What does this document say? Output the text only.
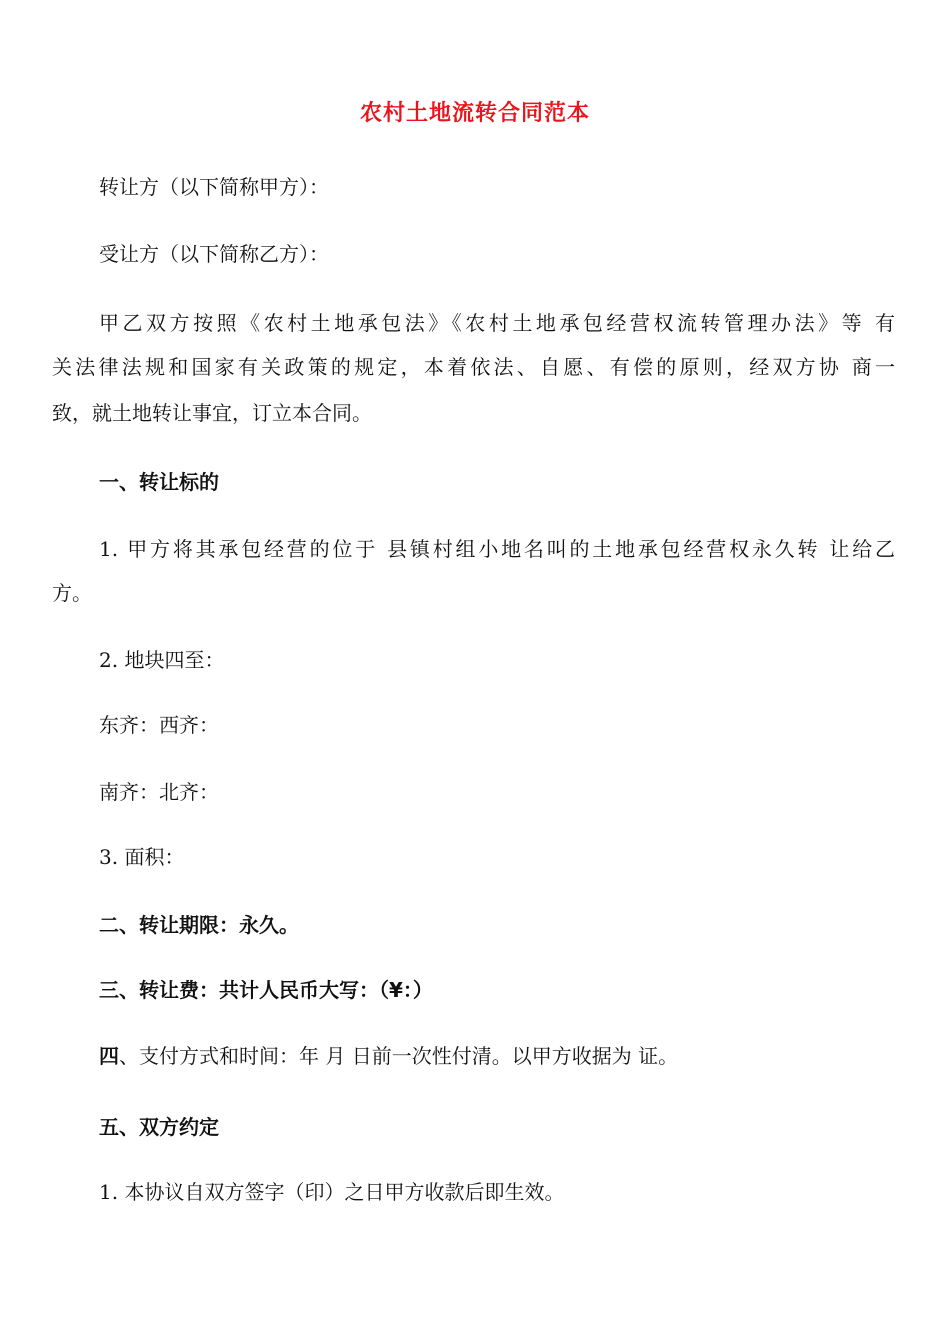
农村土地流转合同范本
转让方（以下简称甲方）：
受让方（以下简称乙方）：
甲乙双方按照《农村土地承包法》《农村土地承包经营权流转管理办法》等 有
关法律法规和国家有关政策的规定，本着依法、自愿、有偿的原则，经双方协 商一
致，就土地转让事宜，订立本合同。
一、转让标的
1. 甲方将其承包经营的位于 县镇村组小地名叫的土地承包经营权永久转 让给乙
方。
2. 地块四至：
东齐：西齐：
南齐：北齐：
3. 面积：
二、转让期限：永久。
三、转让费：共计人民币大写：（¥：）
四、支付方式和时间：年 月 日前一次性付清。以甲方收据为 证。
五、双方约定
1. 本协议自双方签字（印）之日甲方收款后即生效。
